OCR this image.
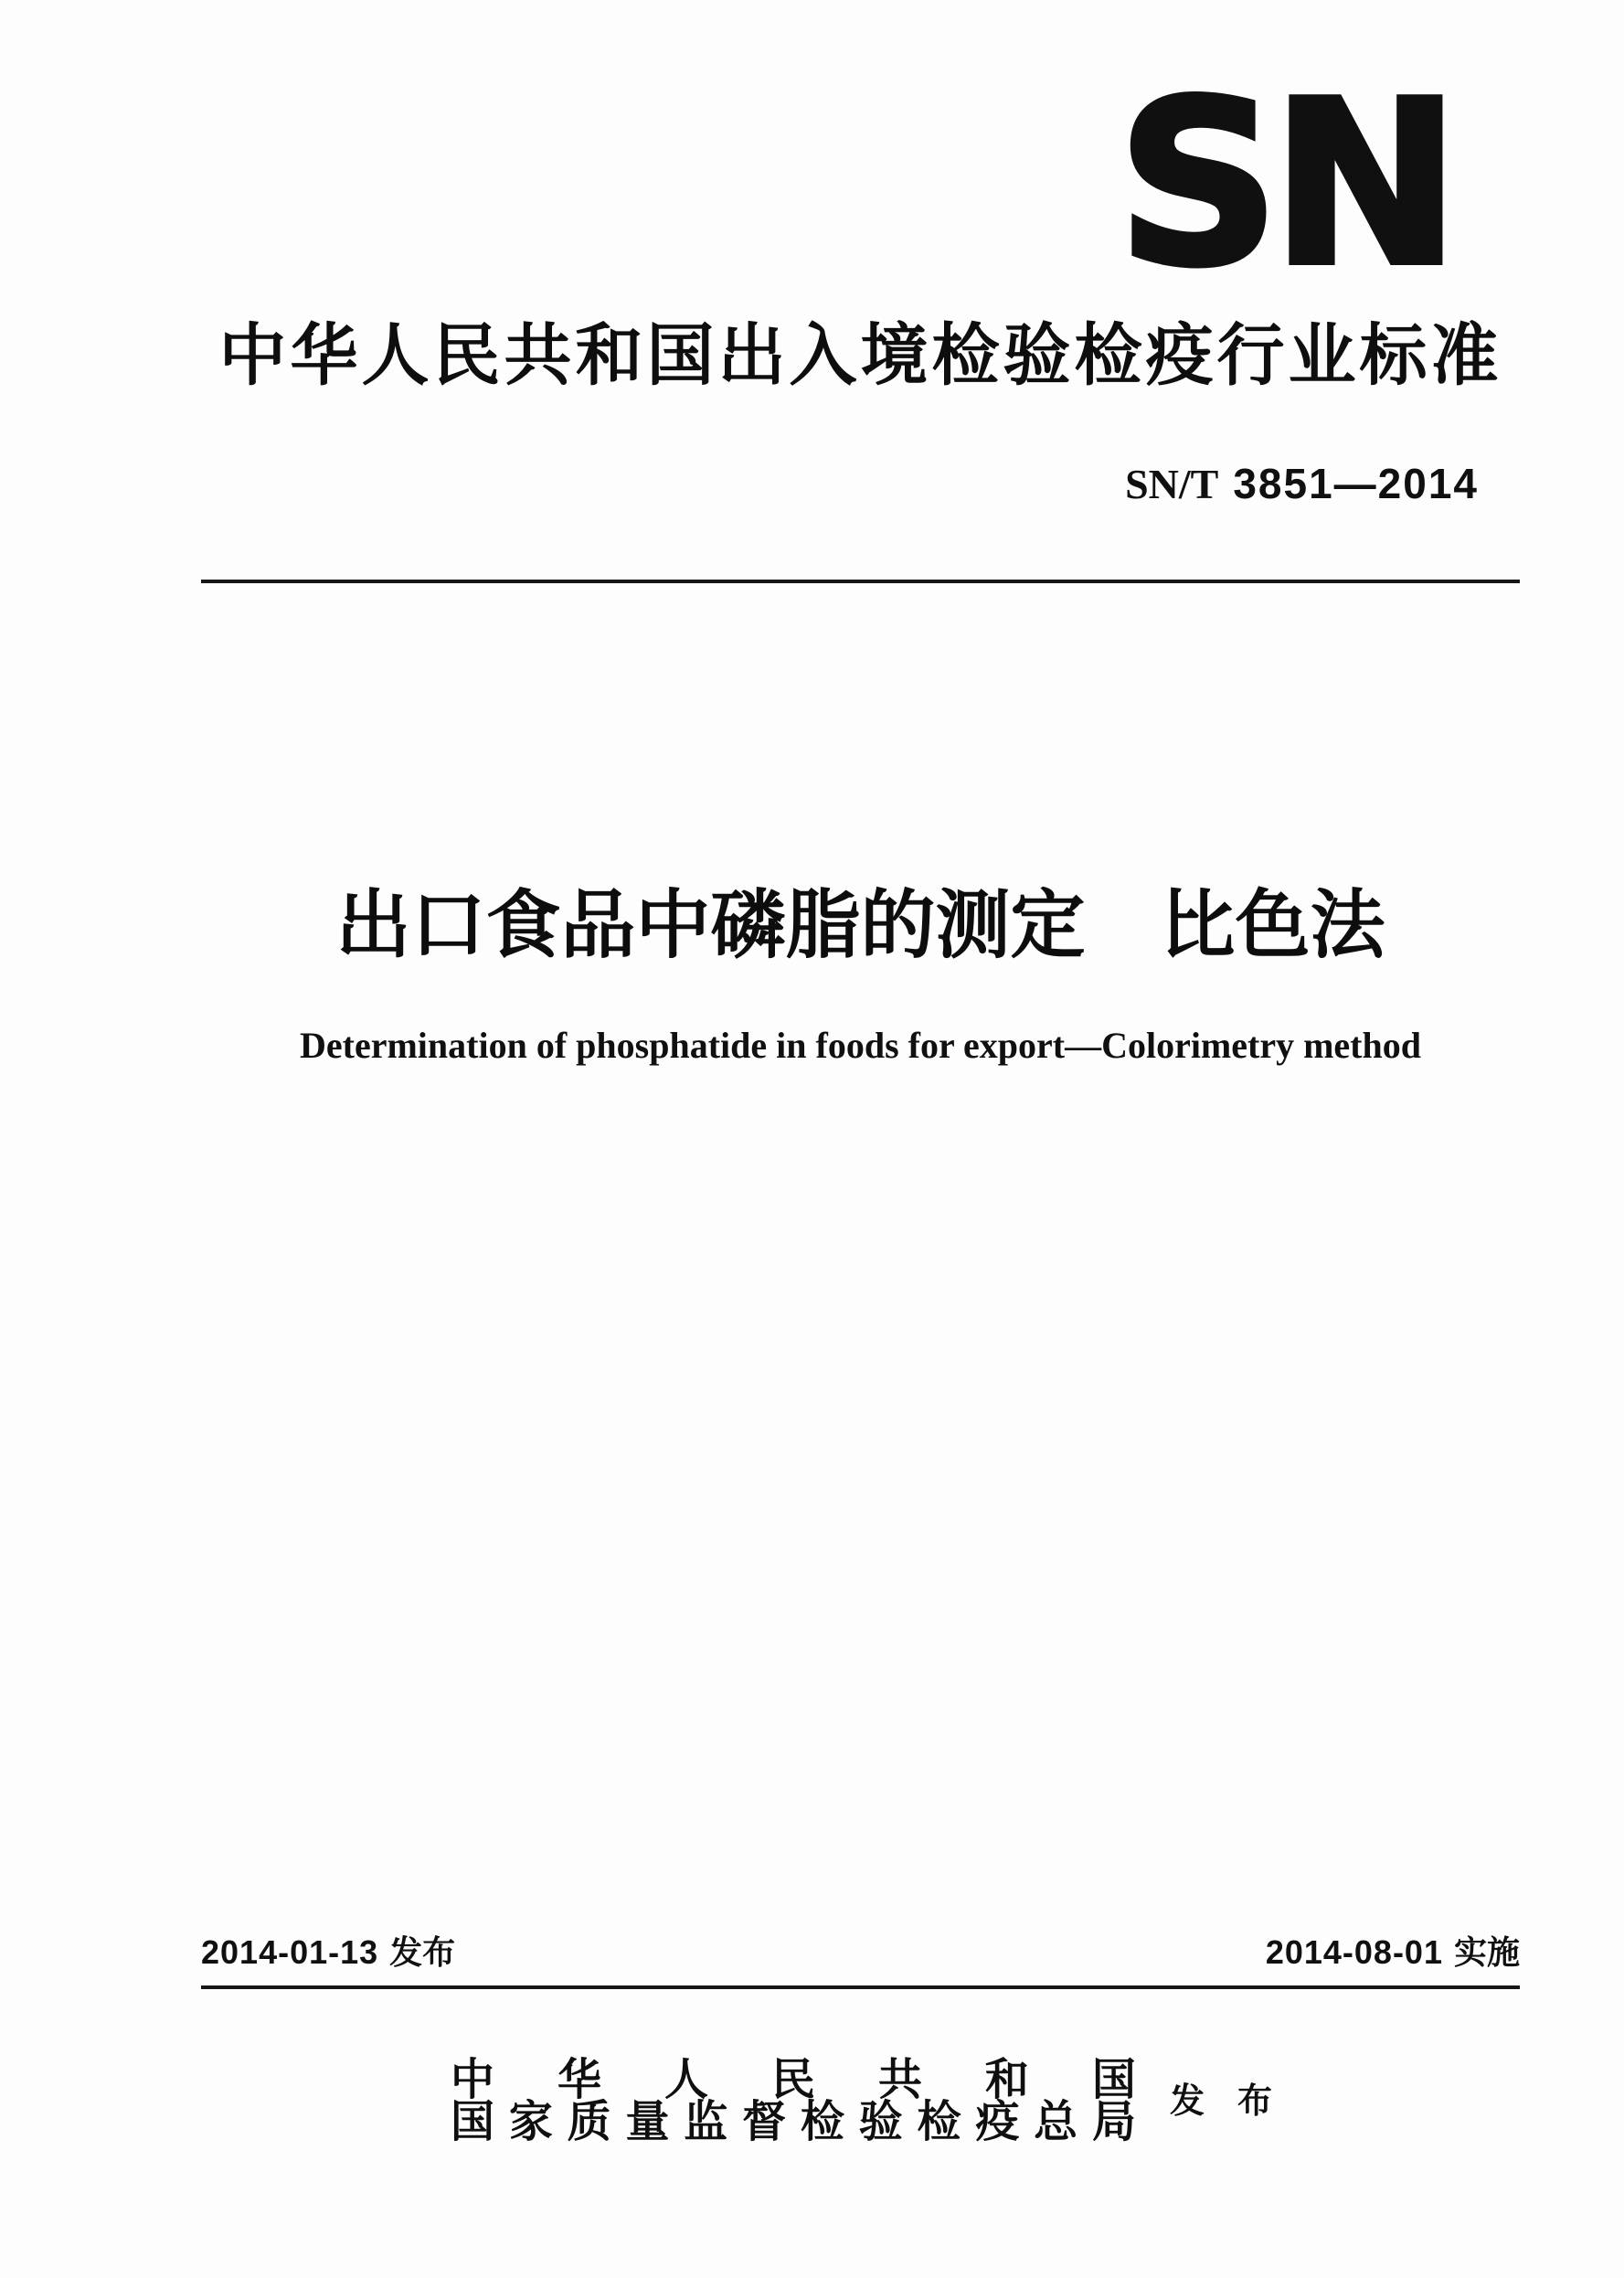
SN
中华人民共和国出入境检验检疫行业标准
SN/T 3851—2014
出口食品中磷脂的测定　比色法
Determination of phosphatide in foods for export—Colorimetry method
2014-01-13 发布	2014-08-01 实施
中 华 人 民 共 和 国
国 家 质 量 监 督 检 验 检 疫 总 局 发布
